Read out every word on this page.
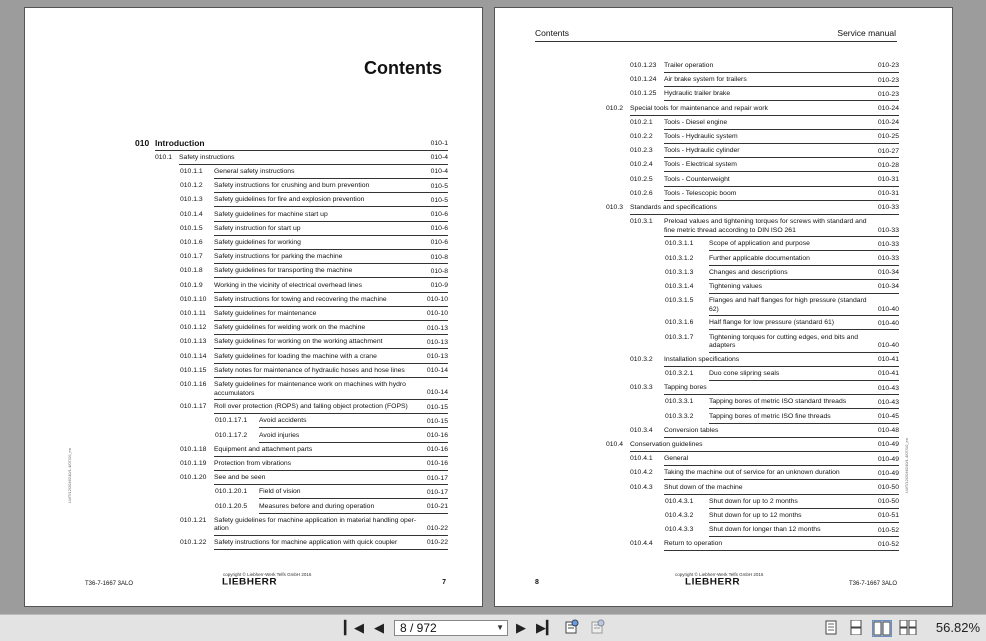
Contents
010 Introduction	010-1
010.1 Safety instructions	010-4
010.1.1 General safety instructions	010-4
010.1.2 Safety instructions for crushing and burn prevention	010-5
010.1.3 Safety guidelines for fire and explosion prevention	010-5
010.1.4 Safety guidelines for machine start up	010-6
010.1.5 Safety instruction for start up	010-6
010.1.6 Safety guidelines for working	010-6
010.1.7 Safety instructions for parking the machine	010-8
010.1.8 Safety guidelines for transporting the machine	010-8
010.1.9 Working in the vicinity of electrical overhead lines	010-9
010.1.10 Safety instructions for towing and recovering the machine	010-10
010.1.11 Safety guidelines for maintenance	010-10
010.1.12 Safety guidelines for welding work on the machine	010-13
010.1.13 Safety guidelines for working on the working attachment	010-13
010.1.14 Safety guidelines for loading the machine with a crane	010-13
010.1.15 Safety notes for maintenance of hydraulic hoses and hose lines	010-14
010.1.16 Safety guidelines for maintenance work on machines with hydro accumulators	010-14
010.1.17 Roll over protection (ROPS) and falling object protection (FOPS)	010-15
010.1.17.1 Avoid accidents	010-15
010.1.17.2 Avoid injuries	010-16
010.1.18 Equipment and attachment parts	010-16
010.1.19 Protection from vibrations	010-16
010.1.20 See and be seen	010-17
010.1.20.1 Field of vision	010-17
010.1.20.5 Measures before and during operation	010-21
010.1.21 Safety guidelines for machine application in material handling oper-ation	010-22
010.1.22 Safety instructions for machine application with quick coupler	010-22
copyright © Liebherr-Werk Telfs GmbH 2016
LIEBHERR
T36-7-1667 3ALO	7
LWT/12/2046240/1.4/07/10_en
Contents	Service manual
010.1.23 Trailer operation	010-23
010.1.24 Air brake system for trailers	010-23
010.1.25 Hydraulic trailer brake	010-23
010.2 Special tools for maintenance and repair work	010-24
010.2.1 Tools - Diesel engine	010-24
010.2.2 Tools - Hydraulic system	010-25
010.2.3 Tools - Hydraulic cylinder	010-27
010.2.4 Tools - Electrical system	010-28
010.2.5 Tools - Counterweight	010-31
010.2.6 Tools - Telescopic boom	010-31
010.3 Standards and specifications	010-33
010.3.1 Preload values and tightening torques for screws with standard and fine metric thread according to DIN ISO 261	010-33
010.3.1.1 Scope of application and purpose	010-33
010.3.1.2 Further applicable documentation	010-33
010.3.1.3 Changes and descriptions	010-34
010.3.1.4 Tightening values	010-34
010.3.1.5 Flanges and half flanges for high pressure (standard 62)	010-40
010.3.1.6 Half flange for low pressure (standard 61)	010-40
010.3.1.7 Tightening torques for cutting edges, end bits and adapters	010-40
010.3.2 Installation specifications	010-41
010.3.2.1 Duo cone slipring seals	010-41
010.3.3 Tapping bores	010-43
010.3.3.1 Tapping bores of metric ISO standard threads	010-43
010.3.3.2 Tapping bores of metric ISO fine threads	010-45
010.3.4 Conversion tables	010-48
010.4 Conservation guidelines	010-49
010.4.1 General	010-49
010.4.2 Taking the machine out of service for an unknown duration	010-49
010.4.3 Shut down of the machine	010-50
010.4.3.1 Shut down for up to 2 months	010-50
010.4.3.2 Shut down for up to 12 months	010-51
010.4.3.3 Shut down for longer than 12 months	010-52
010.4.4 Return to operation	010-52
copyright © Liebherr-Werk Telfs GmbH 2016
LIEBHERR	T36-7-1667 3ALO
8
LWT/12/2046240/1.4/07/10_en
▎◀ ◀	8 / 972	▼ ▶ ▶▎	56.82%
